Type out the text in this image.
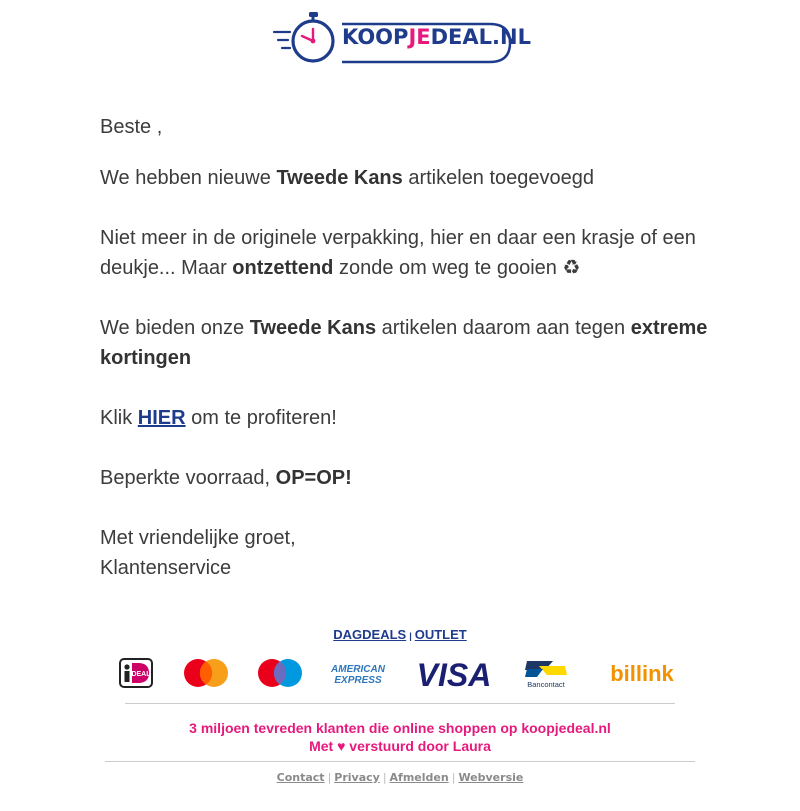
KOOPJEDEAL.NL

Beste ,

We hebben nieuwe Tweede Kans artikelen toegevoegd

Niet meer in de originele verpakking, hier en daar een krasje of een deukje... Maar ontzettend zonde om weg te gooien ♻

We bieden onze Tweede Kans artikelen daarom aan tegen extreme kortingen

Klik HIER om te profiteren!

Beperkte voorraad, OP=OP!

Met vriendelijke groet,

Klantenservice

DAGDEALS | OUTLET
iDEAL	AMERICAN
EXPRESS VISA	Bancontact billink
3 miljoen tevreden klanten die online shoppen op koopjedeal.nl
Met ♥ verstuurd door Laura
Contact | Privacy | Afmelden | Webversie
